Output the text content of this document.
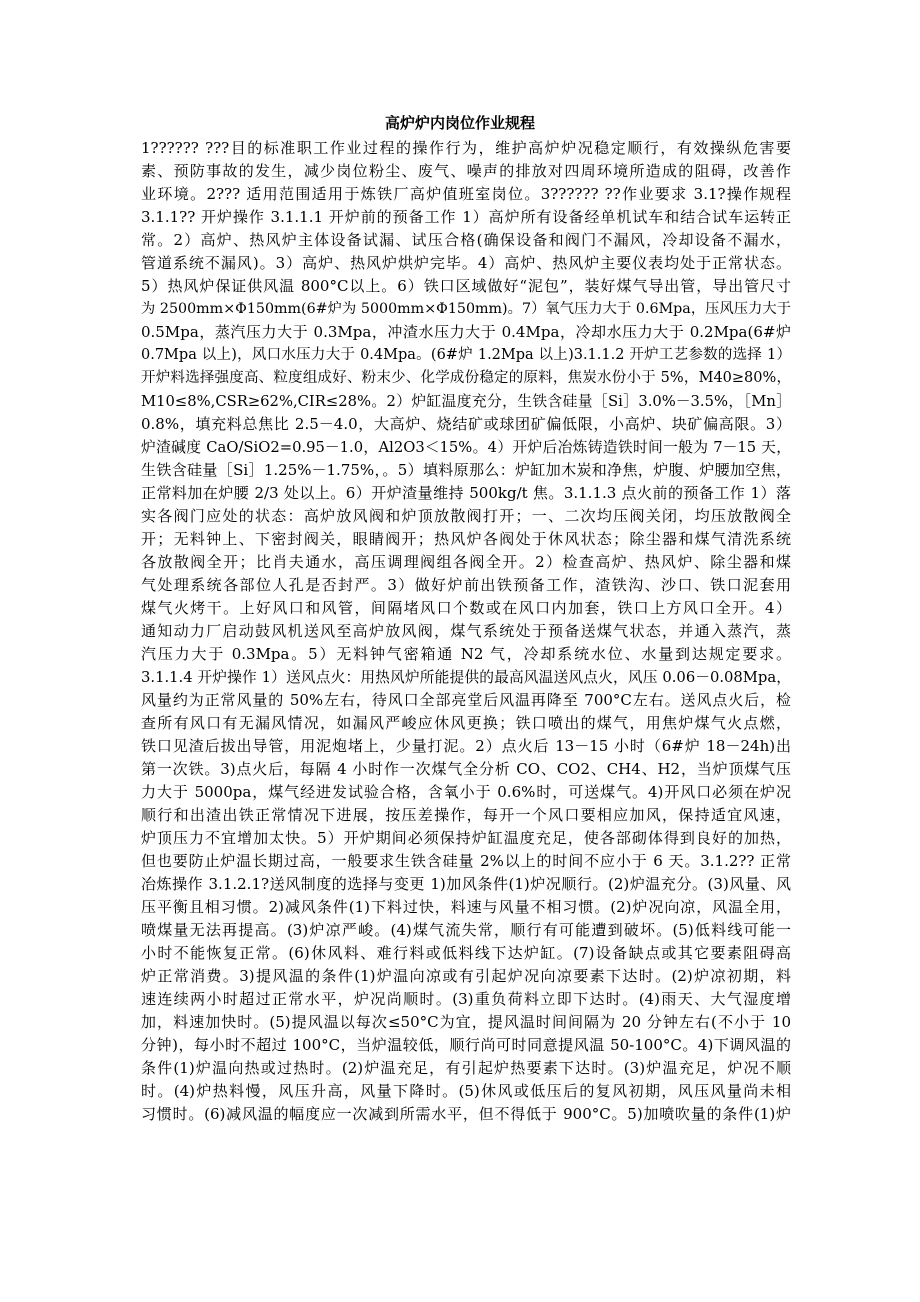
高炉炉内岗位作业规程
1?????? ???目的标准职工作业过程的操作行为，维护高炉炉况稳定顺行，有效操纵危害要
素、预防事故的发生，减少岗位粉尘、废气、噪声的排放对四周环境所造成的阻碍，改善作
业环境。2??? 适用范围适用于炼铁厂高炉值班室岗位。3?????? ??作业要求 3.1?操作规程
3.1.1?? 开炉操作 3.1.1.1 开炉前的预备工作 1）高炉所有设备经单机试车和结合试车运转正
常。2）高炉、热风炉主体设备试漏、试压合格(确保设备和阀门不漏风，冷却设备不漏水，
管道系统不漏风)。3）高炉、热风炉烘炉完毕。4）高炉、热风炉主要仪表均处于正常状态。
5）热风炉保证供风温 800°C以上。6）铁口区域做好“泥包”，装好煤气导出管，导出管尺寸
为 2500mm×Φ150mm(6#炉为 5000mm×Φ150mm)。7）氧气压力大于 0.6Mpa，压风压力大于
0.5Mpa，蒸汽压力大于 0.3Mpa，冲渣水压力大于 0.4Mpa，冷却水压力大于 0.2Mpa(6#炉
0.7Mpa 以上)，风口水压力大于 0.4Mpa。(6#炉 1.2Mpa 以上)3.1.1.2 开炉工艺参数的选择 1）
开炉料选择强度高、粒度组成好、粉末少、化学成份稳定的原料，焦炭水份小于 5%，M40≥80%，
M10≤8%,CSR≥62%,CIR≤28%。2）炉缸温度充分，生铁含硅量［Si］3.0%－3.5%，［Mn］
0.8%，填充料总焦比 2.5－4.0，大高炉、烧结矿或球团矿偏低限，小高炉、块矿偏高限。3）
炉渣碱度 CaO/SiO2=0.95－1.0，Al2O3＜15%。4）开炉后冶炼铸造铁时间一般为 7－15 天，
生铁含硅量［Si］1.25%－1.75%，。5）填料原那么：炉缸加木炭和净焦，炉腹、炉腰加空焦，
正常料加在炉腰 2/3 处以上。6）开炉渣量维持 500kg/t 焦。3.1.1.3 点火前的预备工作 1）落
实各阀门应处的状态：高炉放风阀和炉顶放散阀打开；一、二次均压阀关闭，均压放散阀全
开；无料钟上、下密封阀关，眼睛阀开；热风炉各阀处于休风状态；除尘器和煤气清洗系统
各放散阀全开；比肖夫通水，高压调理阀组各阀全开。2）检查高炉、热风炉、除尘器和煤
气处理系统各部位人孔是否封严。3）做好炉前出铁预备工作，渣铁沟、沙口、铁口泥套用
煤气火烤干。上好风口和风管，间隔堵风口个数或在风口内加套，铁口上方风口全开。4）
通知动力厂启动鼓风机送风至高炉放风阀，煤气系统处于预备送煤气状态，并通入蒸汽，蒸
汽压力大于 0.3Mpa。5）无料钟气密箱通 N2 气，冷却系统水位、水量到达规定要求。
3.1.1.4 开炉操作 1）送风点火：用热风炉所能提供的最高风温送风点火，风压 0.06－0.08Mpa，
风量约为正常风量的 50%左右，待风口全部亮堂后风温再降至 700°C左右。送风点火后，检
查所有风口有无漏风情况，如漏风严峻应休风更换；铁口喷出的煤气，用焦炉煤气火点燃，
铁口见渣后拔出导管，用泥炮堵上，少量打泥。2）点火后 13－15 小时（6#炉 18－24h)出
第一次铁。3)点火后，每隔 4 小时作一次煤气全分析 CO、CO2、CH4、H2，当炉顶煤气压
力大于 5000pa，煤气经进发试验合格，含氧小于 0.6%时，可送煤气。4)开风口必须在炉况
顺行和出渣出铁正常情况下进展，按压差操作，每开一个风口要相应加风，保持适宜风速，
炉顶压力不宜增加太快。5）开炉期间必须保持炉缸温度充足，使各部砌体得到良好的加热，
但也要防止炉温长期过高，一般要求生铁含硅量 2%以上的时间不应小于 6 天。3.1.2?? 正常
冶炼操作 3.1.2.1?送风制度的选择与变更 1)加风条件(1)炉况顺行。(2)炉温充分。(3)风量、风
压平衡且相习惯。2)减风条件(1)下料过快，料速与风量不相习惯。(2)炉况向凉，风温全用，
喷煤量无法再提高。(3)炉凉严峻。(4)煤气流失常，顺行有可能遭到破坏。(5)低料线可能一
小时不能恢复正常。(6)休风料、难行料或低料线下达炉缸。(7)设备缺点或其它要素阻碍高
炉正常消费。3)提风温的条件(1)炉温向凉或有引起炉况向凉要素下达时。(2)炉凉初期，料
速连续两小时超过正常水平，炉况尚顺时。(3)重负荷料立即下达时。(4)雨天、大气湿度增
加，料速加快时。(5)提风温以每次≤50°C为宜，提风温时间间隔为 20 分钟左右(不小于 10
分钟)，每小时不超过 100°C，当炉温较低，顺行尚可时同意提风温 50-100°C。4)下调风温的
条件(1)炉温向热或过热时。(2)炉温充足，有引起炉热要素下达时。(3)炉温充足，炉况不顺
时。(4)炉热料慢，风压升高，风量下降时。(5)休风或低压后的复风初期，风压风量尚未相
习惯时。(6)减风温的幅度应一次减到所需水平，但不得低于 900°C。5)加喷吹量的条件(1)炉
